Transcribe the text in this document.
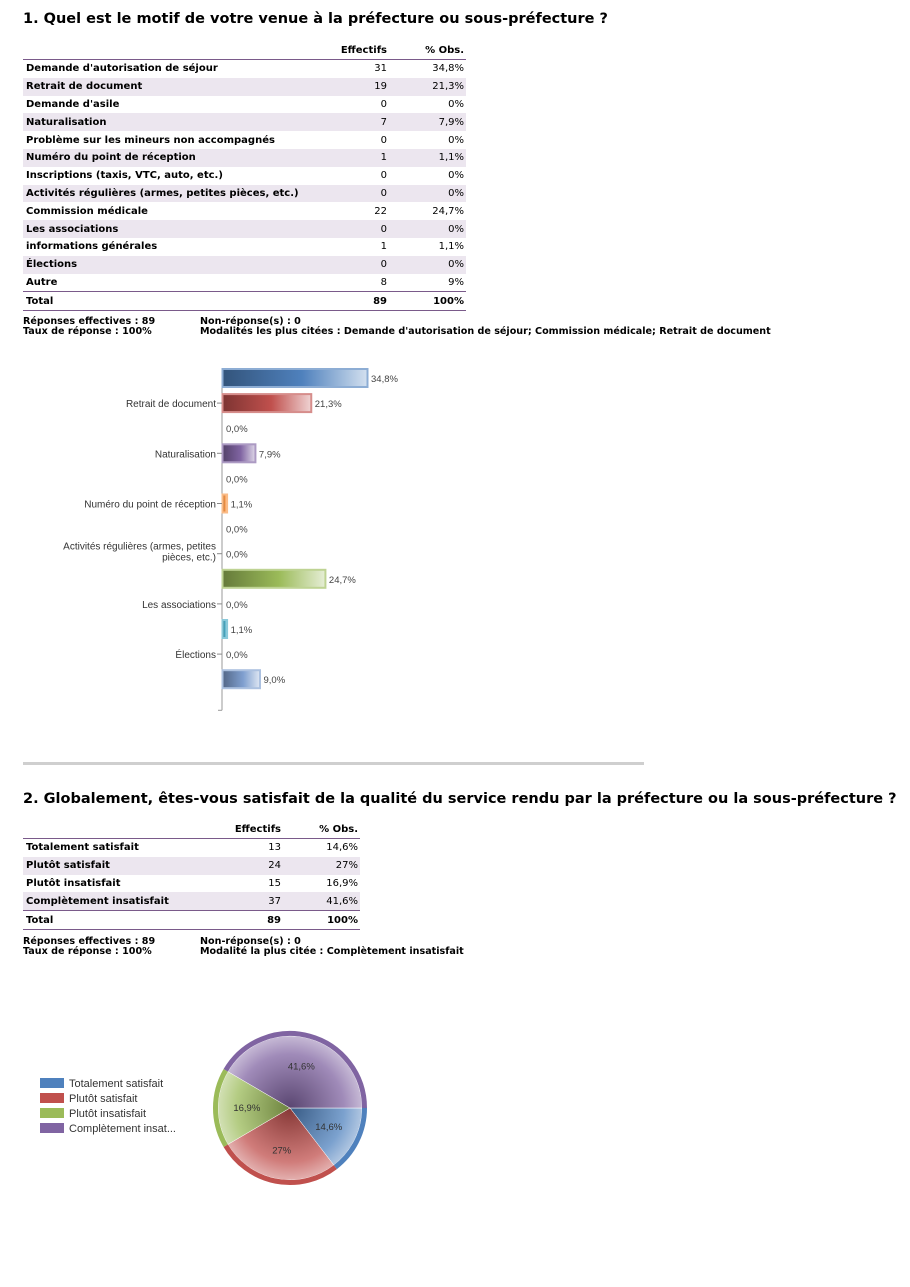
1. Quel est le motif de votre venue à la préfecture ou sous-préfecture ?
	Effectifs	% Obs.
Demande d'autorisation de séjour	31	34,8%
Retrait de document	19	21,3%
Demande d'asile	0	0%
Naturalisation	7	7,9%
Problème sur les mineurs non accompagnés	0	0%
Numéro du point de réception	1	1,1%
Inscriptions (taxis, VTC, auto, etc.)	0	0%
Activités régulières (armes, petites pièces, etc.)	0	0%
Commission médicale	22	24,7%
Les associations	0	0%
informations générales	1	1,1%
Élections	0	0%
Autre	8	9%
Total	89	100%
Réponses effectives : 89
Taux de réponse : 100%
Non-réponse(s) : 0
Modalités les plus citées : Demande d'autorisation de séjour; Commission médicale; Retrait de document
34,8%
21,3%
Retrait de document
0,0%
7,9%
Naturalisation
0,0%
1,1%
Numéro du point de réception
0,0%
0,0%
Activités régulières (armes, petites
pièces, etc.)
24,7%
0,0%
Les associations
1,1%
0,0%
Élections
9,0%
2. Globalement, êtes-vous satisfait de la qualité du service rendu par la préfecture ou la sous-préfecture ?
	Effectifs	% Obs.
Totalement satisfait	13	14,6%
Plutôt satisfait	24	27%
Plutôt insatisfait	15	16,9%
Complètement insatisfait	37	41,6%
Total	89	100%
Réponses effectives : 89
Taux de réponse : 100%
Non-réponse(s) : 0
Modalité la plus citée : Complètement insatisfait
Totalement satisfait
Plutôt satisfait
Plutôt insatisfait
Complètement insat...	14,6%
27%
16,9%
41,6%
